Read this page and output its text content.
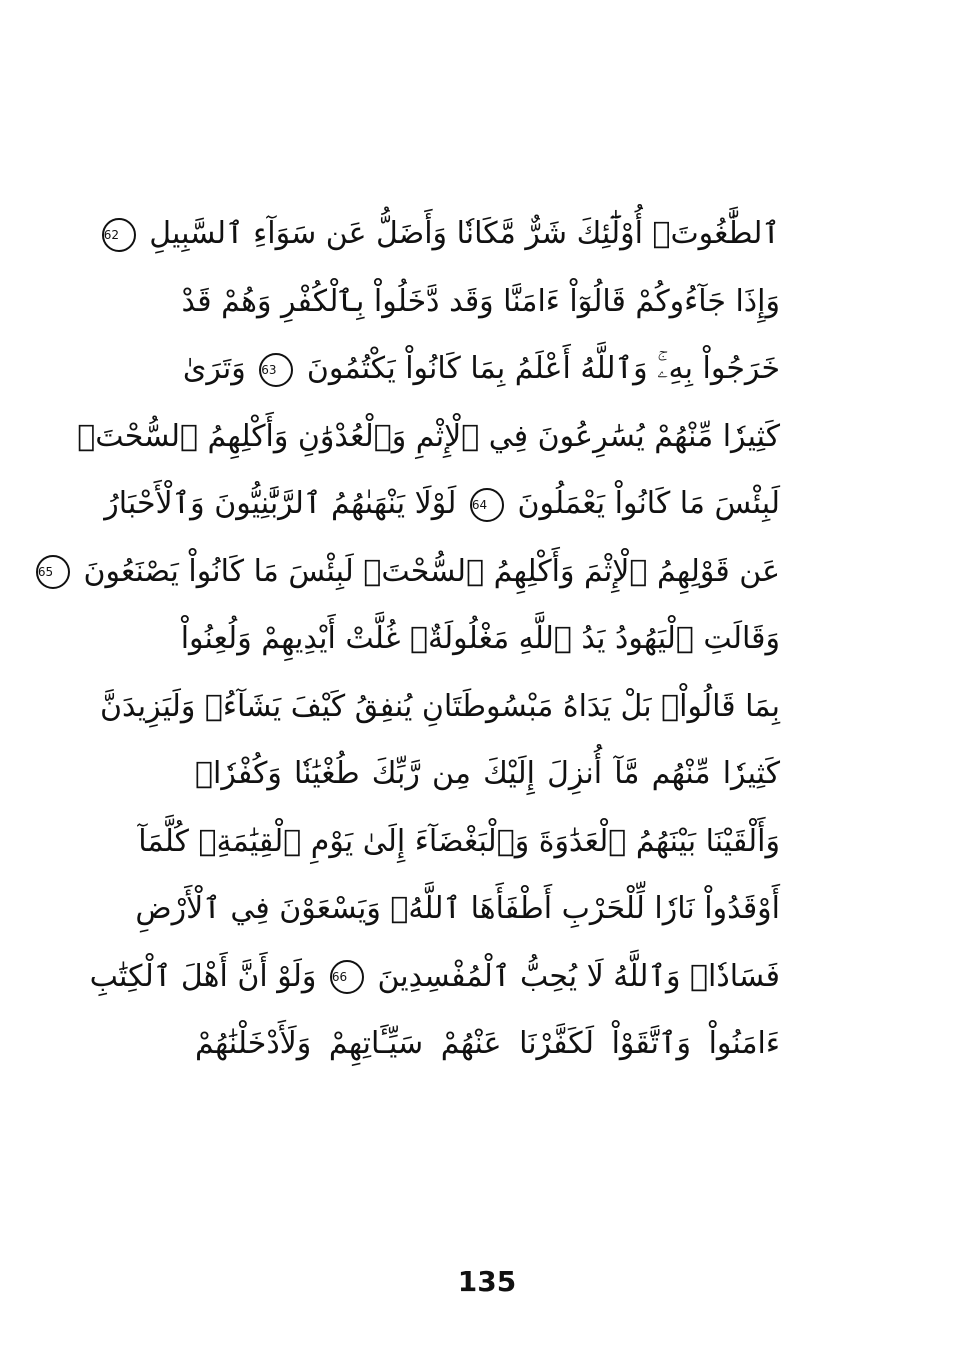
ٱلطَّٰغُوتَۚ أُوْلَٰٓئِكَ شَرٌّ مَّكَانٗا وَأَضَلُّ عَن سَوَآءِ ٱلسَّبِيلِ 62
وَإِذَا جَآءُوكُمْ قَالُوٓاْ ءَامَنَّا وَقَد دَّخَلُواْ بِٱلْكُفْرِ وَهُمْ قَدْ
خَرَجُواْ بِهِۦۚ وَٱللَّهُ أَعْلَمُ بِمَا كَانُواْ يَكْتُمُونَ 63 وَتَرَىٰ
كَثِيرٗا مِّنْهُمْ يُسَٰرِعُونَ فِي ٱلْإِثْمِ وَٱلْعُدْوَٰنِ وَأَكْلِهِمُ ٱلسُّحْتَۚ
لَبِئْسَ مَا كَانُواْ يَعْمَلُونَ 64 لَوْلَا يَنْهَىٰهُمُ ٱلرَّبَّٰنِيُّونَ وَٱلْأَحْبَارُ
عَن قَوْلِهِمُ ٱلْإِثْمَ وَأَكْلِهِمُ ٱلسُّحْتَۚ لَبِئْسَ مَا كَانُواْ يَصْنَعُونَ 65
وَقَالَتِ ٱلْيَهُودُ يَدُ ٱللَّهِ مَغْلُولَةٌۚ غُلَّتْ أَيْدِيهِمْ وَلُعِنُواْ
بِمَا قَالُواْۘ بَلْ يَدَاهُ مَبْسُوطَتَانِ يُنفِقُ كَيْفَ يَشَآءُۚ وَلَيَزِيدَنَّ
كَثِيرٗا مِّنْهُم مَّآ أُنزِلَ إِلَيْكَ مِن رَّبِّكَ طُغْيَٰنٗا وَكُفْرٗاۚ
وَأَلْقَيْنَا بَيْنَهُمُ ٱلْعَدَٰوَةَ وَٱلْبَغْضَآءَ إِلَىٰ يَوْمِ ٱلْقِيَٰمَةِۚ كُلَّمَآ
أَوْقَدُواْ نَارٗا لِّلْحَرْبِ أَطْفَأَهَا ٱللَّهُۚ وَيَسْعَوْنَ فِي ٱلْأَرْضِ
فَسَادٗاۚ وَٱللَّهُ لَا يُحِبُّ ٱلْمُفْسِدِينَ 66 وَلَوْ أَنَّ أَهْلَ ٱلْكِتَٰبِ
ءَامَنُواْ وَٱتَّقَوْاْ لَكَفَّرْنَا عَنْهُمْ سَيِّـَٔاتِهِمْ وَلَأَدْخَلْنَٰهُمْ
135
